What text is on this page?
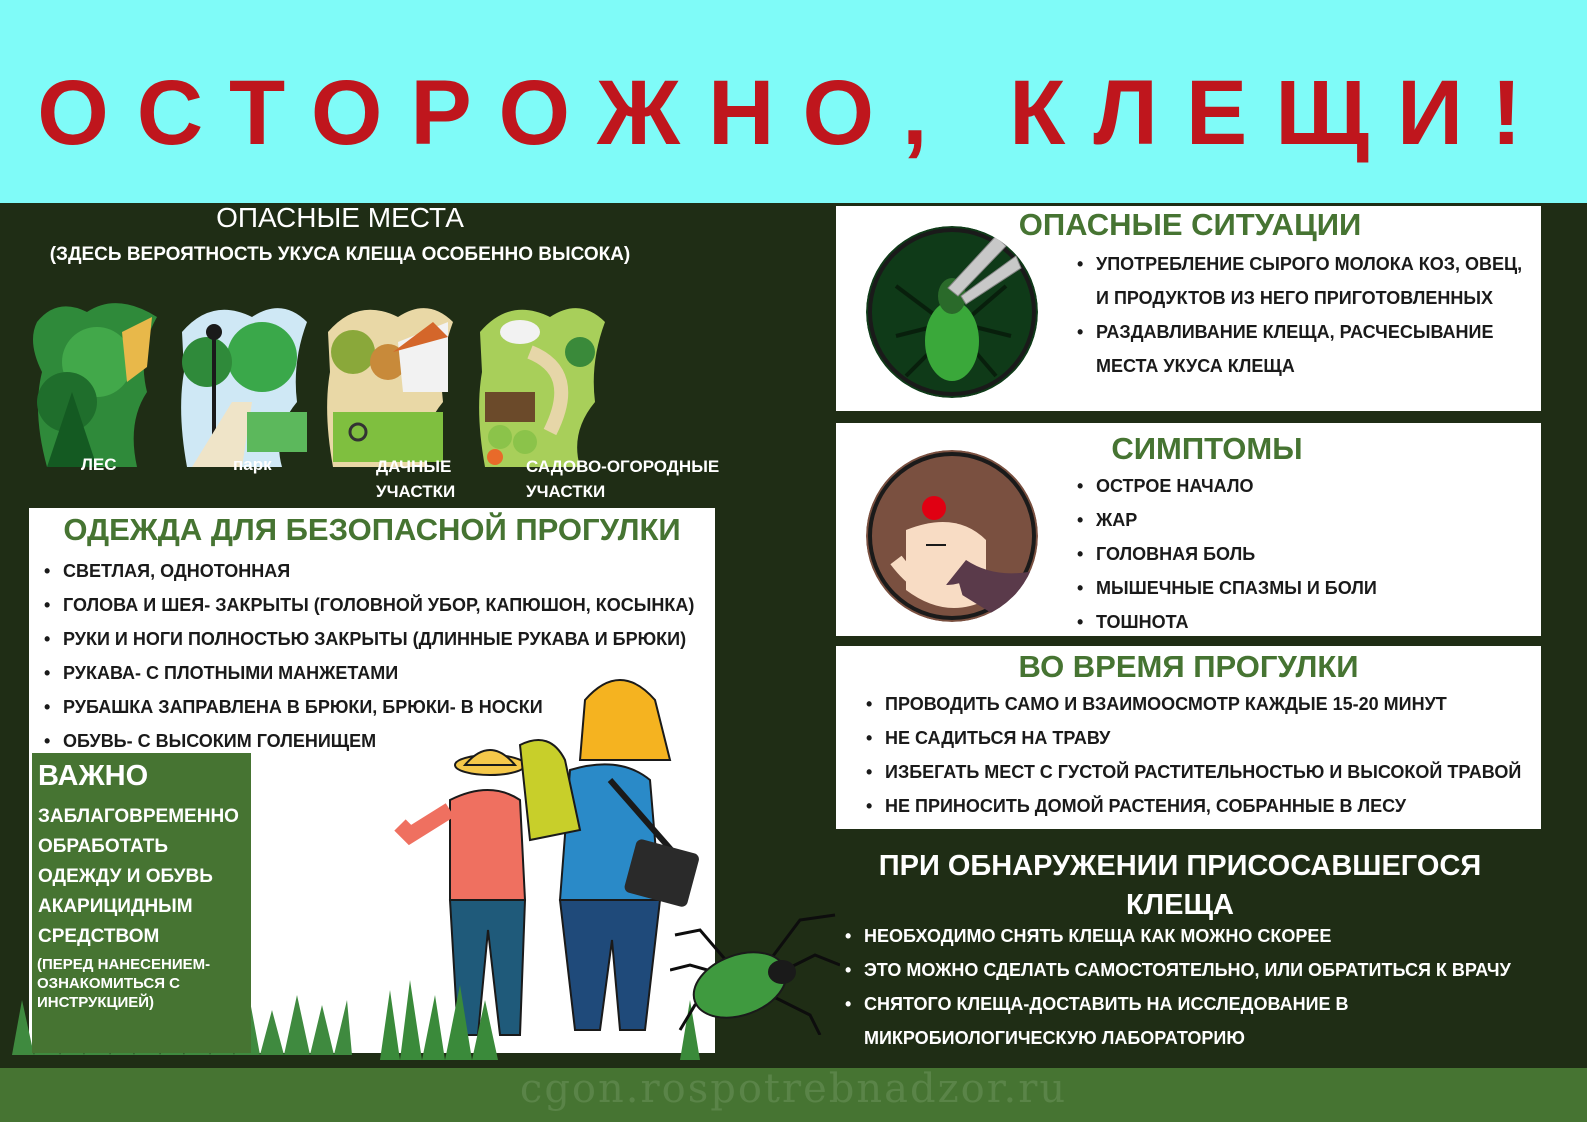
ОСТОРОЖНО, КЛЕЩИ!
ОПАСНЫЕ МЕСТА
(ЗДЕСЬ ВЕРОЯТНОСТЬ УКУСА КЛЕЩА ОСОБЕННО ВЫСОКА)
ЛЕС	парк	ДАЧНЫЕ УЧАСТКИ
САДОВО-ОГОРОДНЫЕ УЧАСТКИ
ОДЕЖДА ДЛЯ БЕЗОПАСНОЙ ПРОГУЛКИ
• СВЕТЛАЯ, ОДНОТОННАЯ
• ГОЛОВА И ШЕЯ- ЗАКРЫТЫ (ГОЛОВНОЙ УБОР, КАПЮШОН, КОСЫНКА)
• РУКИ И НОГИ ПОЛНОСТЬЮ ЗАКРЫТЫ (ДЛИННЫЕ РУКАВА И БРЮКИ)
• РУКАВА- С ПЛОТНЫМИ МАНЖЕТАМИ
• РУБАШКА ЗАПРАВЛЕНА В БРЮКИ, БРЮКИ- В НОСКИ
• ОБУВЬ- С ВЫСОКИМ ГОЛЕНИЩЕМ
ВАЖНО
ЗАБЛАГОВРЕМЕННО
ОБРАБОТАТЬ
ОДЕЖДУ И ОБУВЬ
АКАРИЦИДНЫМ
СРЕДСТВОМ
(ПЕРЕД НАНЕСЕНИЕМ- ОЗНАКОМИТЬСЯ С ИНСТРУКЦИЕЙ)
ОПАСНЫЕ СИТУАЦИИ
• УПОТРЕБЛЕНИЕ СЫРОГО МОЛОКА КОЗ, ОВЕЦ, И ПРОДУКТОВ ИЗ НЕГО ПРИГОТОВЛЕННЫХ
• РАЗДАВЛИВАНИЕ КЛЕЩА, РАСЧЕСЫВАНИЕ МЕСТА УКУСА КЛЕЩА
СИМПТОМЫ
• ОСТРОЕ НАЧАЛО
• ЖАР
• ГОЛОВНАЯ БОЛЬ
• МЫШЕЧНЫЕ СПАЗМЫ И БОЛИ
• ТОШНОТА
ВО ВРЕМЯ ПРОГУЛКИ
• ПРОВОДИТЬ САМО И ВЗАИМООСМОТР КАЖДЫЕ 15-20 МИНУТ
• НЕ САДИТЬСЯ НА ТРАВУ
• ИЗБЕГАТЬ МЕСТ С ГУСТОЙ РАСТИТЕЛЬНОСТЬЮ И ВЫСОКОЙ ТРАВОЙ
• НЕ ПРИНОСИТЬ ДОМОЙ РАСТЕНИЯ, СОБРАННЫЕ В ЛЕСУ
ПРИ ОБНАРУЖЕНИИ ПРИСОСАВШЕГОСЯ КЛЕЩА
• НЕОБХОДИМО СНЯТЬ КЛЕЩА КАК МОЖНО СКОРЕЕ
• ЭТО МОЖНО СДЕЛАТЬ САМОСТОЯТЕЛЬНО, ИЛИ ОБРАТИТЬСЯ К ВРАЧУ
• СНЯТОГО КЛЕЩА-ДОСТАВИТЬ НА ИССЛЕДОВАНИЕ В МИКРОБИОЛОГИЧЕСКУЮ ЛАБОРАТОРИЮ
cgon.rospotrebnadzor.ru
